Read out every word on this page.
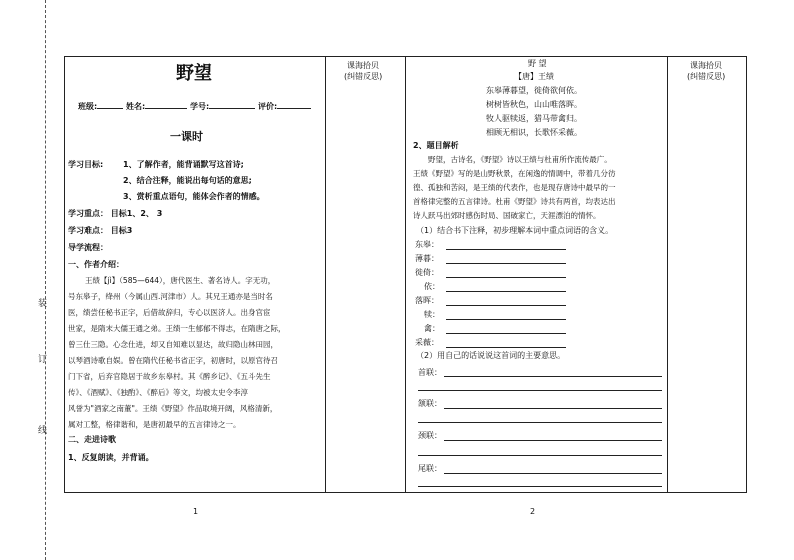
装
订
线
课海拾贝
(纠错反思)
课海拾贝
(纠错反思)
野望
班级:	姓名:	学号:	评价:
一课时
学习目标: 1、了解作者，能背诵默写这首诗;
2、结合注释，能说出每句话的意思;
3、赏析重点语句，能体会作者的情感。
学习重点： 目标1、2、 3
学习难点： 目标3
导学流程：
一、作者介绍：
王绩【jì】（585—644），唐代医生、著名诗人。字无功，
号东皋子，绛州（今属山西.河津市）人。其兄王通亦是当时名
医，绩尝任秘书正字，后借故辞归，专心以医济人。出身官宦
世家，是隋末大儒王通之弟。王绩一生郁郁不得志，在隋唐之际，
曾三仕三隐。心念仕进，却又自知难以显达，故归隐山林田园，
以琴酒诗歌自娱。曾在隋代任秘书省正字，初唐时，以原官待召
门下省，后弃官隐居于故乡东皋村。其《醉乡记》、《五斗先生
传》、《酒赋》、《独酌》、《醉后》等文，均被太史令李淳
风誉为"酒家之南董"。王绩《野望》作品取境开阔，风格清新，
属对工整，格律谐和，是唐初最早的五言律诗之一。
二、走进诗歌
1、反复朗读，并背诵。
1
野 望
【唐】王绩
东皋薄暮望，徙倚欲何依。
树树皆秋色，山山唯落晖。
牧人驱犊返，猎马带禽归。
相顾无相识，长歌怀采薇。
2、题目解析
野望，古诗名，《野望》诗以王绩与杜甫所作流传最广。
王绩《野望》写的是山野秋景，在闲逸的情调中，带着几分彷
徨、孤独和苦闷，是王绩的代表作，也是现存唐诗中最早的一
首格律完整的五言律诗。杜甫《野望》诗共有两首，均表达出
诗人跃马出郊时感伤时局、国破家亡，天涯漂泊的情怀。
（1）结合书下注释，初步理解本词中重点词语的含义。
东皋：
薄暮：
徙倚：
依：
落晖：
犊：
禽：
采薇：
（2）用自己的话说说这首词的主要意思。
首联：
颔联：
颈联：
尾联：
2
